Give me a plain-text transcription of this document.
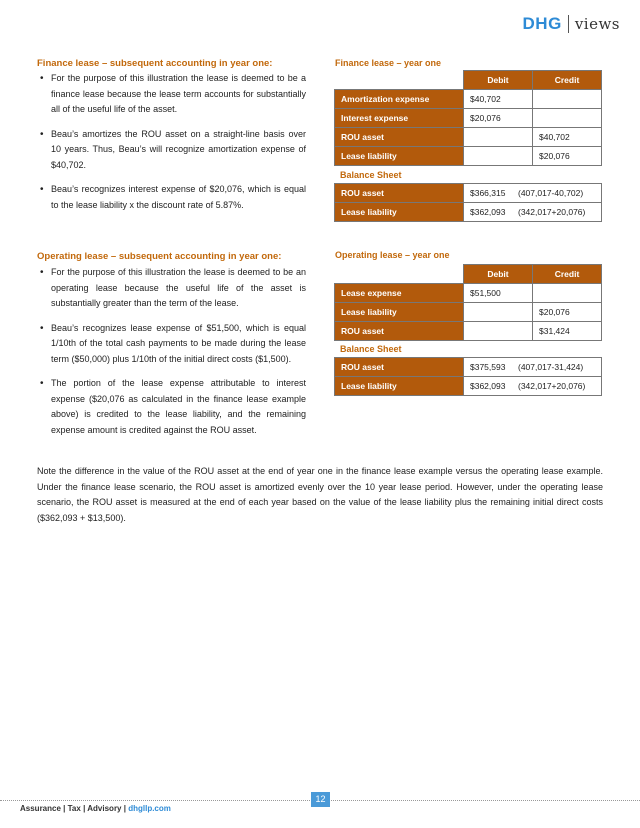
DHG views
Finance lease – subsequent accounting in year one:
• For the purpose of this illustration the lease is deemed to be a finance lease because the lease term accounts for substantially all of the useful life of the asset.
• Beau’s amortizes the ROU asset on a straight-line basis over 10 years. Thus, Beau’s will recognize amortization expense of $40,702.
• Beau’s recognizes interest expense of $20,076, which is equal to the lease liability x the discount rate of 5.87%.
Finance lease – year one
	Debit	Credit
Amortization expense	$40,702	
Interest expense	$20,076	
ROU asset		$40,702
Lease liability		$20,076
Balance Sheet
ROU asset	$366,315 (407,017-40,702)
Lease liability	$362,093 (342,017+20,076)
Operating lease – subsequent accounting in year one:
• For the purpose of this illustration the lease is deemed to be an operating lease because the useful life of the asset is substantially greater than the term of the lease.
• Beau’s recognizes lease expense of $51,500, which is equal 1/10th of the total cash payments to be made during the lease term ($50,000) plus 1/10th of the initial direct costs ($1,500).
• The portion of the lease expense attributable to interest expense ($20,076 as calculated in the finance lease example above) is credited to the lease liability, and the remaining expense amount is credited against the ROU asset.
Operating lease – year one
	Debit	Credit
Lease expense	$51,500	
Lease liability		$20,076
ROU asset		$31,424
Balance Sheet
ROU asset	$375,593 (407,017-31,424)
Lease liability	$362,093 (342,017+20,076)

Note the difference in the value of the ROU asset at the end of year one in the finance lease example versus the operating lease example. Under the finance lease scenario, the ROU asset is amortized evenly over the 10 year lease period. However, under the operating lease scenario, the ROU asset is measured at the end of each year based on the value of the lease liability plus the remaining initial direct costs ($362,093 + $13,500).

12
Assurance | Tax | Advisory | dhgllp.com
